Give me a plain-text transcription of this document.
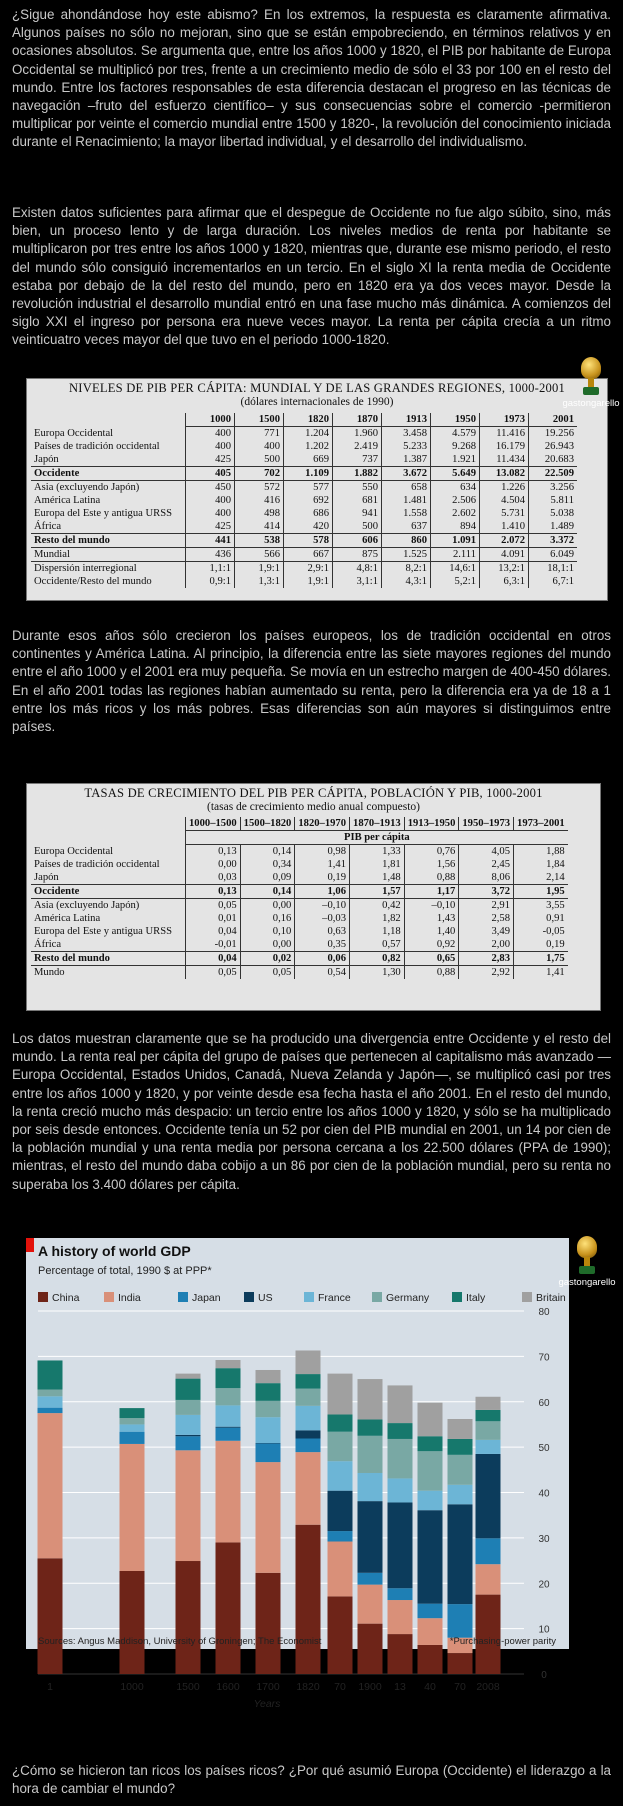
¿Sigue ahondándose hoy este abismo? En los extremos, la respuesta es claramente afirmativa. Algunos países no sólo no mejoran, sino que se están empobreciendo, en términos relativos y en ocasiones absolutos. Se argumenta que, entre los años 1000 y 1820, el PIB por habitante de Europa Occidental se multiplicó por tres, frente a un crecimiento medio de sólo el 33 por 100 en el resto del mundo. Entre los factores responsables de esta diferencia destacan el progreso en las técnicas de navegación –fruto del esfuerzo científico– y sus consecuencias sobre el comercio -permitieron multiplicar por veinte el comercio mundial entre 1500 y 1820-, la revolución del conocimiento iniciada durante el Renacimiento; la mayor libertad individual, y el desarrollo del individualismo.

Existen datos suficientes para afirmar que el despegue de Occidente no fue algo súbito, sino, más bien, un proceso lento y de larga duración. Los niveles medios de renta por habitante se multiplicaron por tres entre los años 1000 y 1820, mientras que, durante ese mismo periodo, el resto del mundo sólo consiguió incrementarlos en un tercio. En el siglo XI la renta media de Occidente estaba por debajo de la del resto del mundo, pero en 1820 era ya dos veces mayor. Desde la revolución industrial el desarrollo mundial entró en una fase mucho más dinámica. A comienzos del siglo XXI el ingreso por persona era nueve veces mayor. La renta per cápita crecía a un ritmo veinticuatro veces mayor del que tuvo en el periodo 1000-1820.

NIVELES DE PIB PER CÁPITA: MUNDIAL Y DE LAS GRANDES REGIONES, 1000-2001
(dólares internacionales de 1990)
	1000	1500	1820	1870	1913	1950	1973	2001
Europa Occidental	400	771	1.204	1.960	3.458	4.579	11.416	19.256
Países de tradición occidental	400	400	1.202	2.419	5.233	9.268	16.179	26.943
Japón	425	500	669	737	1.387	1.921	11.434	20.683
Occidente	405	702	1.109	1.882	3.672	5.649	13.082	22.509
Asia (excluyendo Japón)	450	572	577	550	658	634	1.226	3.256
América Latina	400	416	692	681	1.481	2.506	4.504	5.811
Europa del Este y antigua URSS	400	498	686	941	1.558	2.602	5.731	5.038
África	425	414	420	500	637	894	1.410	1.489
Resto del mundo	441	538	578	606	860	1.091	2.072	3.372
Mundial	436	566	667	875	1.525	2.111	4.091	6.049
Dispersión interregional	1,1:1	1,9:1	2,9:1	4,8:1	8,2:1	14,6:1	13,2:1	18,1:1
Occidente/Resto del mundo	0,9:1	1,3:1	1,9:1	3,1:1	4,3:1	5,2:1	6,3:1	6,7:1
gastongarello

Durante esos años sólo crecieron los países europeos, los de tradición occidental en otros continentes y América Latina. Al principio, la diferencia entre las siete mayores regiones del mundo entre el año 1000 y el 2001 era muy pequeña. Se movía en un estrecho margen de 400-450 dólares. En el año 2001 todas las regiones habían aumentado su renta, pero la diferencia era ya de 18 a 1 entre los más ricos y los más pobres. Esas diferencias son aún mayores si distinguimos entre países.

TASAS DE CRECIMIENTO DEL PIB PER CÁPITA, POBLACIÓN Y PIB, 1000-2001
(tasas de crecimiento medio anual compuesto)
	1000–1500	1500–1820	1820–1970	1870–1913	1913–1950	1950–1973	1973–2001
	PIB per cápita						
Europa Occidental	0,13	0,14	0,98	1,33	0,76	4,05	1,88
Países de tradición occidental	0,00	0,34	1,41	1,81	1,56	2,45	1,84
Japón	0,03	0,09	0,19	1,48	0,88	8,06	2,14
Occidente	0,13	0,14	1,06	1,57	1,17	3,72	1,95
Asia (excluyendo Japón)	0,05	0,00	–0,10	0,42	–0,10	2,91	3,55
América Latina	0,01	0,16	–0,03	1,82	1,43	2,58	0,91
Europa del Este y antigua URSS	0,04	0,10	0,63	1,18	1,40	3,49	-0,05
África	-0,01	0,00	0,35	0,57	0,92	2,00	0,19
Resto del mundo	0,04	0,02	0,06	0,82	0,65	2,83	1,75
Mundo	0,05	0,05	0,54	1,30	0,88	2,92	1,41

Los datos muestran claramente que se ha producido una divergencia entre Occidente y el resto del mundo. La renta real per cápita del grupo de países que pertenecen al capitalismo más avanzado — Europa Occidental, Estados Unidos, Canadá, Nueva Zelanda y Japón—, se multiplicó casi por tres entre los años 1000 y 1820, y por veinte desde esa fecha hasta el año 2001. En el resto del mundo, la renta creció mucho más despacio: un tercio entre los años 1000 y 1820, y sólo se ha multiplicado por seis desde entonces. Occidente tenía un 52 por cien del PIB mundial en 2001, un 14 por cien de la población mundial y una renta media por persona cercana a los 22.500 dólares (PPA de 1990); mientras, el resto del mundo daba cobijo a un 86 por cien de la población mundial, pero su renta no superaba los 3.400 dólares per cápita.

A history of world GDP
Percentage of total, 1990 $ at PPP*
China	India	Japan	US	France	Germany	Italy	Britain
0
10
20
30
40
50
60
70
80
1	1000	1500 1600 1700 1820 70 1900 13 40 70 2008
Years
Sources: Angus Maddison, University of Groningen; The Economist	*Purchasing-power parity
gastongarello

¿Cómo se hicieron tan ricos los países ricos? ¿Por qué asumió Europa (Occidente) el liderazgo a la hora de cambiar el mundo?
